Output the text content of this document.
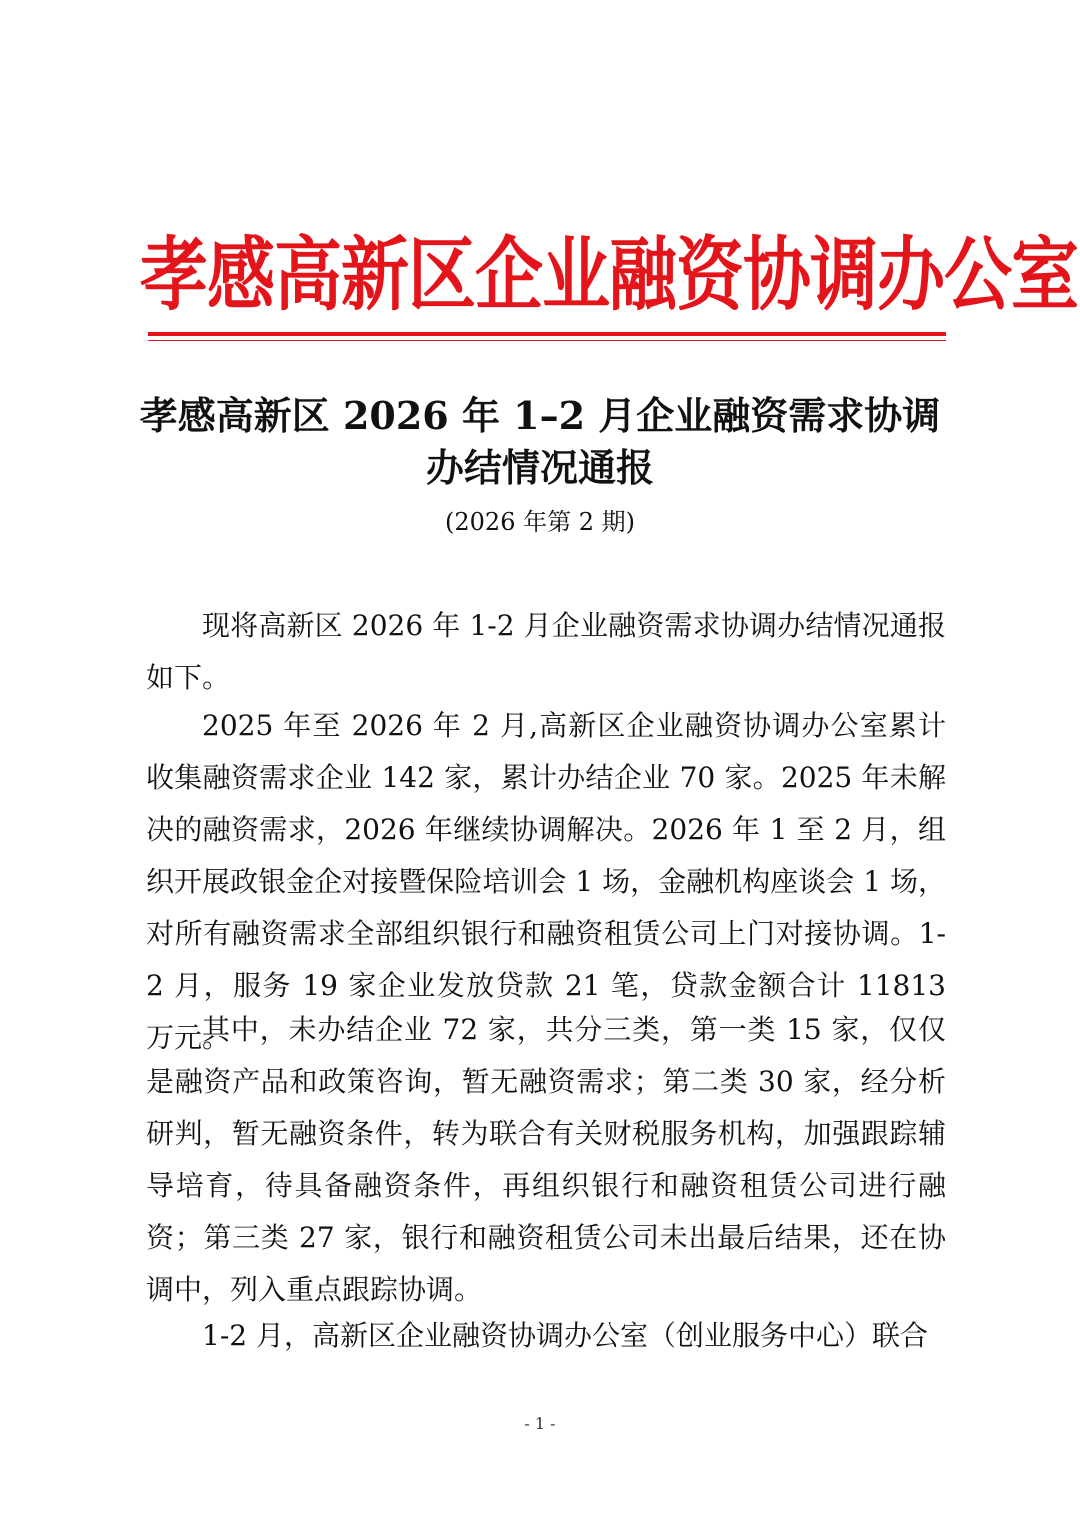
孝感高新区企业融资协调办公室
孝感高新区 2026 年 1–2 月企业融资需求协调
办结情况通报
(2026 年第 2 期)

现将高新区 2026 年 1-2 月企业融资需求协调办结情况通报如下。

2025 年至 2026 年 2 月,高新区企业融资协调办公室累计收集融资需求企业 142 家，累计办结企业 70 家。2025 年未解决的融资需求，2026 年继续协调解决。2026 年 1 至 2 月，组织开展政银金企对接暨保险培训会 1 场，金融机构座谈会 1 场，对所有融资需求全部组织银行和融资租赁公司上门对接协调。1-2 月，服务 19 家企业发放贷款 21 笔，贷款金额合计 11813 万元。

其中，未办结企业 72 家，共分三类，第一类 15 家，仅仅是融资产品和政策咨询，暂无融资需求；第二类 30 家，经分析研判，暂无融资条件，转为联合有关财税服务机构，加强跟踪辅导培育，待具备融资条件，再组织银行和融资租赁公司进行融资；第三类 27 家，银行和融资租赁公司未出最后结果，还在协调中，列入重点跟踪协调。

1-2 月，高新区企业融资协调办公室（创业服务中心）联合

- 1 -
